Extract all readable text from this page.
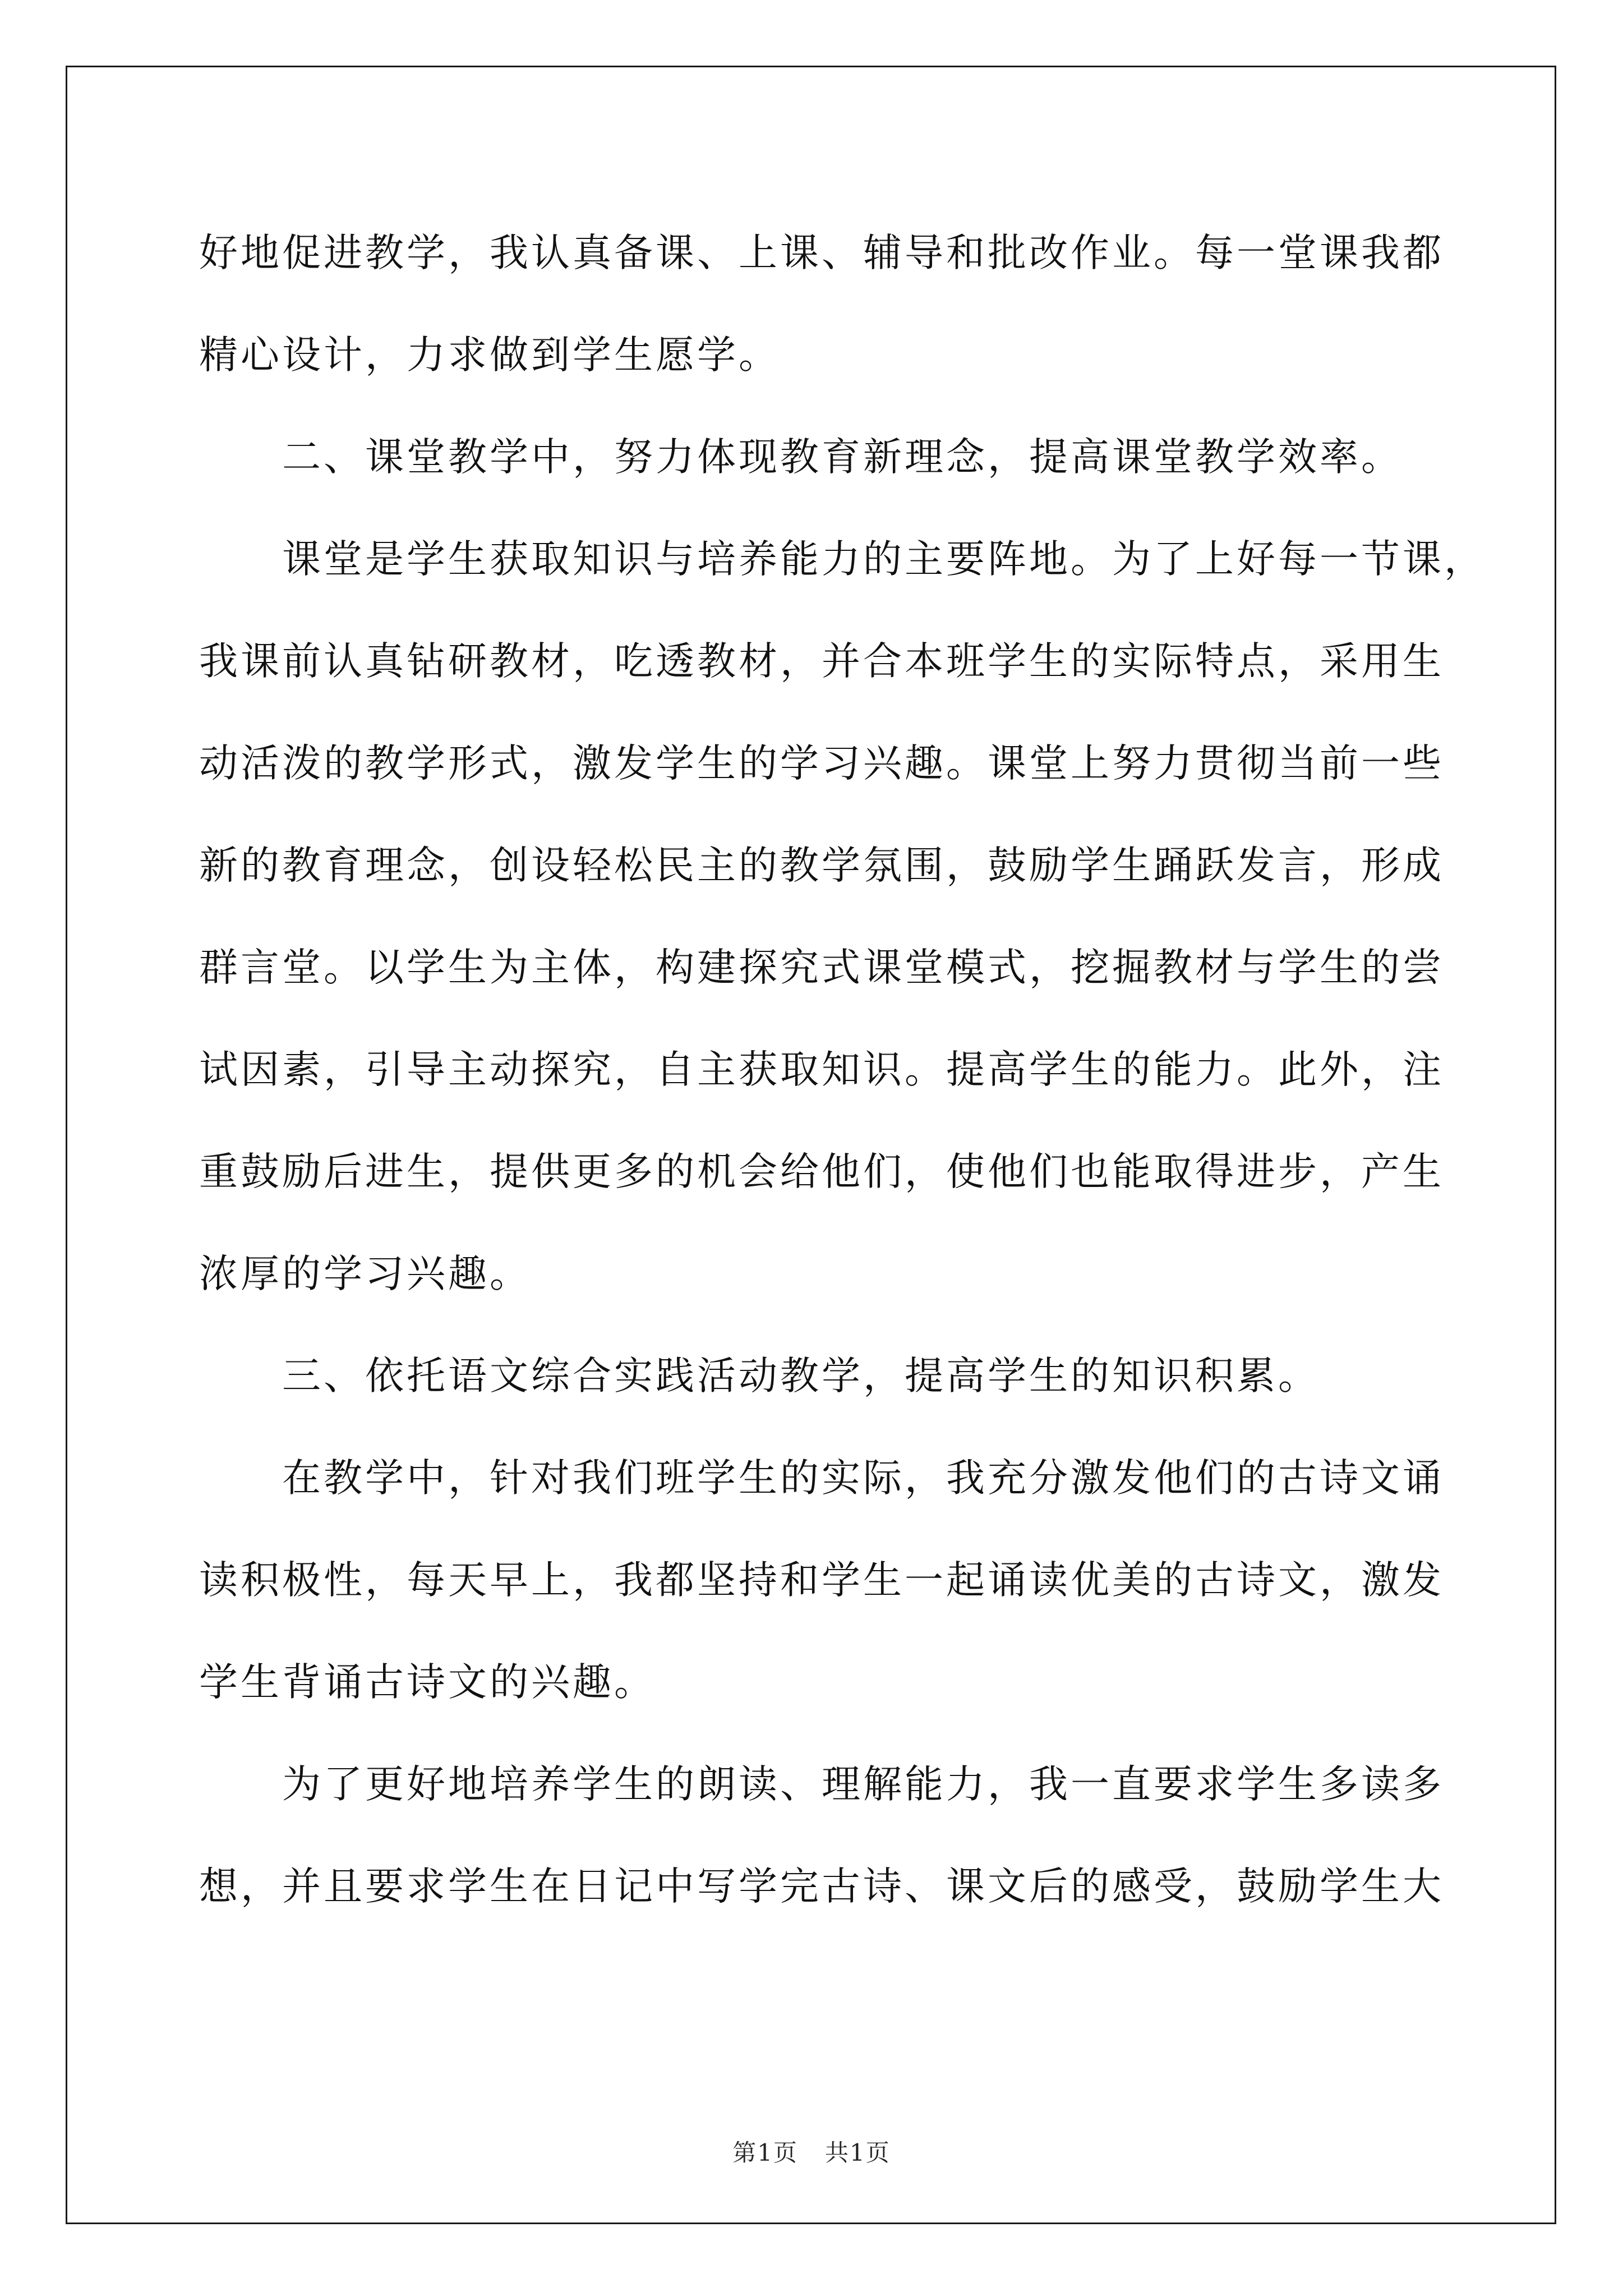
好地促进教学，我认真备课、上课、辅导和批改作业。每一堂课我都
精心设计，力求做到学生愿学。
二、课堂教学中，努力体现教育新理念，提高课堂教学效率。
课堂是学生获取知识与培养能力的主要阵地。为了上好每一节课，
我课前认真钻研教材，吃透教材，并合本班学生的实际特点，采用生
动活泼的教学形式，激发学生的学习兴趣。课堂上努力贯彻当前一些
新的教育理念，创设轻松民主的教学氛围，鼓励学生踊跃发言，形成
群言堂。以学生为主体，构建探究式课堂模式，挖掘教材与学生的尝
试因素，引导主动探究，自主获取知识。提高学生的能力。此外，注
重鼓励后进生，提供更多的机会给他们，使他们也能取得进步，产生
浓厚的学习兴趣。
三、依托语文综合实践活动教学，提高学生的知识积累。
在教学中，针对我们班学生的实际，我充分激发他们的古诗文诵
读积极性，每天早上，我都坚持和学生一起诵读优美的古诗文，激发
学生背诵古诗文的兴趣。
为了更好地培养学生的朗读、理解能力，我一直要求学生多读多
想，并且要求学生在日记中写学完古诗、课文后的感受，鼓励学生大
第1页 共1页
